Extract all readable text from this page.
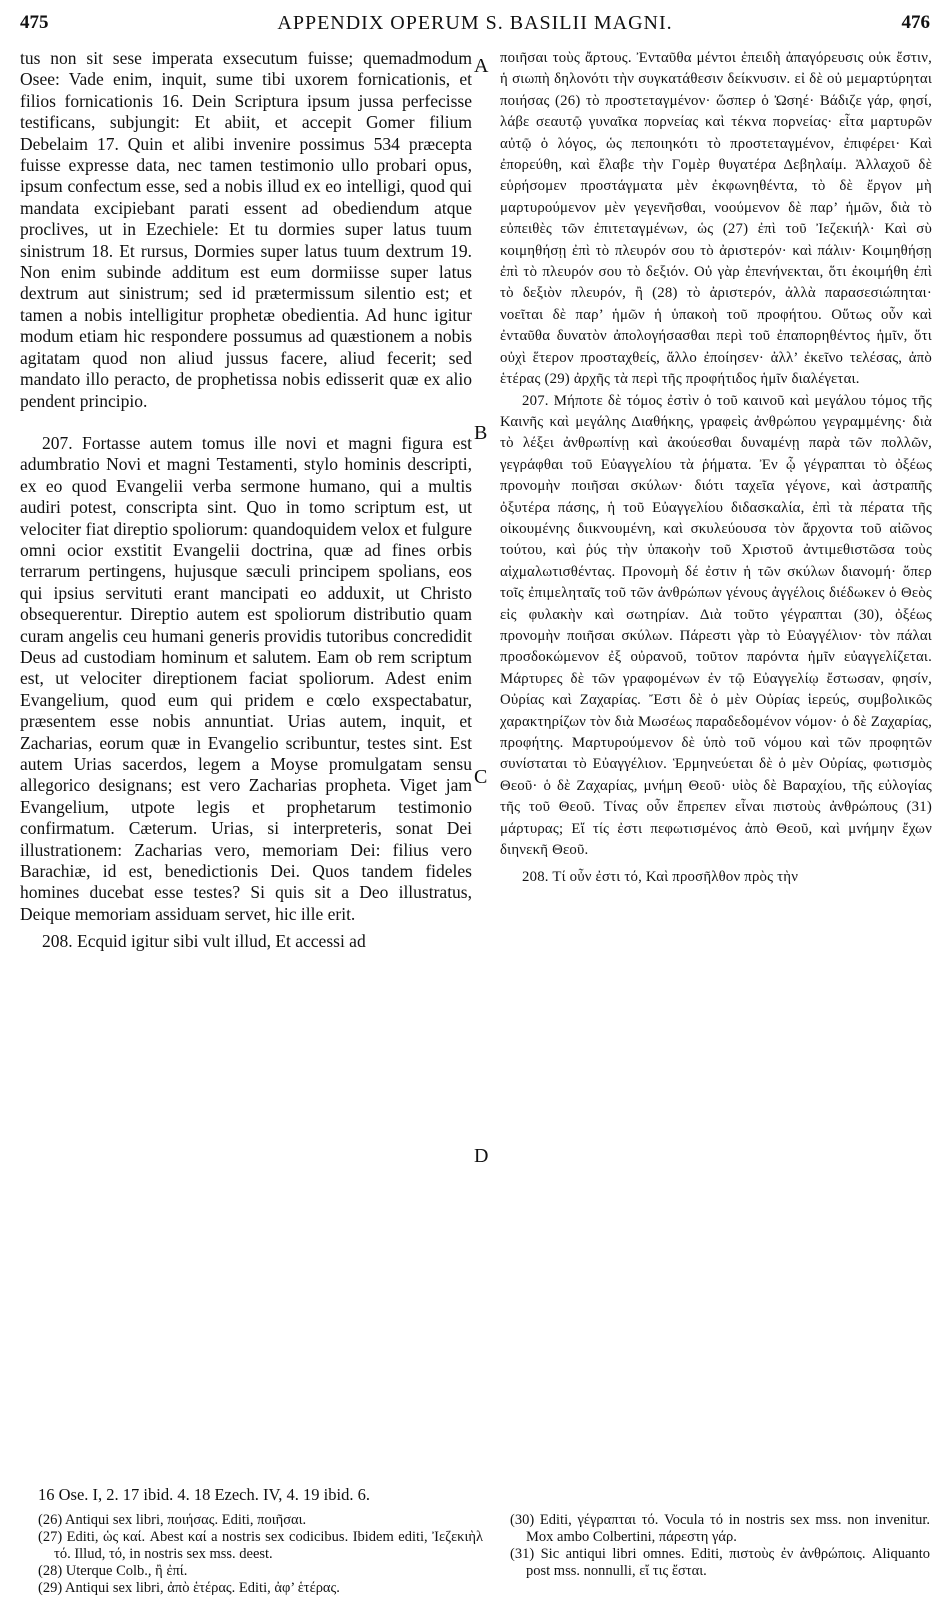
475	APPENDIX OPERUM S. BASILII MAGNI.	476

tus non sit sese imperata exsecutum fuisse; quemadmodum Osee: Vade enim, inquit, sume tibi uxorem fornicationis, et filios fornicationis 16. Dein Scriptura ipsum jussa perfecisse testificans, subjungit: Et abiit, et accepit Gomer filium Debelaim 17. Quin et alibi invenire possimus 534 præcepta fuisse expresse data, nec tamen testimonio ullo probari opus, ipsum confectum esse, sed a nobis illud ex eo intelligi, quod qui mandata excipiebant parati essent ad obediendum atque proclives, ut in Ezechiele: Et tu dormies super latus tuum sinistrum 18. Et rursus, Dormies super latus tuum dextrum 19. Non enim subinde additum est eum dormiisse super latus dextrum aut sinistrum; sed id prætermissum silentio est; et tamen a nobis intelligitur prophetæ obedientia. Ad hunc igitur modum etiam hic respondere possumus ad quæstionem a nobis agitatam quod non aliud jussus facere, aliud fecerit; sed mandato illo peracto, de prophetissa nobis edisserit quæ ex alio pendent principio.

207. Fortasse autem tomus ille novi et magni figura est adumbratio Novi et magni Testamenti, stylo hominis descripti, ex eo quod Evangelii verba sermone humano, qui a multis audiri potest, conscripta sint. Quo in tomo scriptum est, ut velociter fiat direptio spoliorum: quandoquidem velox et fulgure omni ocior exstitit Evangelii doctrina, quæ ad fines orbis terrarum pertingens, hujusque sæculi principem spolians, eos qui ipsius servituti erant mancipati eo adduxit, ut Christo obsequerentur. Direptio autem est spoliorum distributio quam curam angelis ceu humani generis providis tutoribus concredidit Deus ad custodiam hominum et salutem. Eam ob rem scriptum est, ut velociter direptionem faciat spoliorum. Adest enim Evangelium, quod eum qui pridem e cœlo exspectabatur, præsentem esse nobis annuntiat. Urias autem, inquit, et Zacharias, eorum quæ in Evangelio scribuntur, testes sint. Est autem Urias sacerdos, legem a Moyse promulgatam sensu allegorico designans; est vero Zacharias propheta. Viget jam Evangelium, utpote legis et prophetarum testimonio confirmatum. Cæterum. Urias, si interpreteris, sonat Dei illustrationem: Zacharias vero, memoriam Dei: filius vero Barachiæ, id est, benedictionis Dei. Quos tandem fideles homines ducebat esse testes? Si quis sit a Deo illustratus, Deique memoriam assiduam servet, hic ille erit.

208. Ecquid igitur sibi vult illud, Et accessi ad

A
B
C
D

ποιῆσαι τοὺς ἄρτους. Ἐνταῦθα μέντοι ἐπειδὴ ἀπαγόρευσις οὐκ ἔστιν, ἡ σιωπὴ δηλονότι τὴν συγκατάθεσιν δείκνυσιν. εἰ δὲ οὐ μεμαρτύρηται ποιήσας (26) τὸ προστεταγμένον· ὥσπερ ὁ Ὠσηέ· Βάδιζε γάρ, φησί, λάβε σεαυτῷ γυναῖκα πορνείας καὶ τέκνα πορνείας· εἶτα μαρτυρῶν αὐτῷ ὁ λόγος, ὡς πεποιηκότι τὸ προστεταγμένον, ἐπιφέρει· Καὶ ἐπορεύθη, καὶ ἔλαβε τὴν Γομὲρ θυγατέρα Δεβηλαίμ. Ἀλλαχοῦ δὲ εὑρήσομεν προστάγματα μὲν ἐκφωνηθέντα, τὸ δὲ ἔργον μὴ μαρτυρούμενον μὲν γεγενῆσθαι, νοούμενον δὲ παρ’ ἡμῶν, διὰ τὸ εὐπειθὲς τῶν ἐπιτεταγμένων, ὡς (27) ἐπὶ τοῦ Ἰεζεκιήλ· Καὶ σὺ κοιμηθήσῃ ἐπὶ τὸ πλευρόν σου τὸ ἀριστερόν· καὶ πάλιν· Κοιμηθήσῃ ἐπὶ τὸ πλευρόν σου τὸ δεξιόν. Οὐ γὰρ ἐπενήνεκται, ὅτι ἐκοιμήθη ἐπὶ τὸ δεξιὸν πλευρόν, ἢ (28) τὸ ἀριστερόν, ἀλλὰ παρασεσιώπηται· νοεῖται δὲ παρ’ ἡμῶν ἡ ὑπακοὴ τοῦ προφήτου. Οὕτως οὖν καὶ ἐνταῦθα δυνατὸν ἀπολογήσασθαι περὶ τοῦ ἐπαπορηθέντος ἡμῖν, ὅτι οὐχὶ ἕτερον προσταχθείς, ἄλλο ἐποίησεν· ἀλλ’ ἐκεῖνο τελέσας, ἀπὸ ἑτέρας (29) ἀρχῆς τὰ περὶ τῆς προφήτιδος ἡμῖν διαλέγεται.

207. Μήποτε δὲ τόμος ἐστὶν ὁ τοῦ καινοῦ καὶ μεγάλου τόμος τῆς Καινῆς καὶ μεγάλης Διαθήκης, γραφεὶς ἀνθρώπου γεγραμμένης· διὰ τὸ λέξει ἀνθρωπίνῃ καὶ ἀκούεσθαι δυναμένῃ παρὰ τῶν πολλῶν, γεγράφθαι τοῦ Εὐαγγελίου τὰ ῥήματα. Ἐν ᾧ γέγραπται τὸ ὀξέως προνομὴν ποιῆσαι σκύλων· διότι ταχεῖα γέγονε, καὶ ἀστραπῆς ὀξυτέρα πάσης, ἡ τοῦ Εὐαγγελίου διδασκαλία, ἐπὶ τὰ πέρατα τῆς οἰκουμένης διικνουμένη, καὶ σκυλεύουσα τὸν ἄρχοντα τοῦ αἰῶνος τούτου, καὶ ῥύς τὴν ὑπακοὴν τοῦ Χριστοῦ ἀντιμεθιστῶσα τοὺς αἰχμαλωτισθέντας. Προνομὴ δέ ἐστιν ἡ τῶν σκύλων διανομή· ὅπερ τοῖς ἐπιμεληταῖς τοῦ τῶν ἀνθρώπων γένους ἀγγέλοις διέδωκεν ὁ Θεὸς εἰς φυλακὴν καὶ σωτηρίαν. Διὰ τοῦτο γέγραπται (30), ὀξέως προνομὴν ποιῆσαι σκύλων. Πάρεστι γὰρ τὸ Εὐαγγέλιον· τὸν πάλαι προσδοκώμενον ἐξ οὐρανοῦ, τοῦτον παρόντα ἡμῖν εὐαγγελίζεται. Μάρτυρες δὲ τῶν γραφομένων ἐν τῷ Εὐαγγελίῳ ἔστωσαν, φησίν, Οὐρίας καὶ Ζαχαρίας. Ἔστι δὲ ὁ μὲν Οὐρίας ἱερεύς, συμβολικῶς χαρακτηρίζων τὸν διὰ Μωσέως παραδεδομένον νόμον· ὁ δὲ Ζαχαρίας, προφήτης. Μαρτυρούμενον δὲ ὑπὸ τοῦ νόμου καὶ τῶν προφητῶν συνίσταται τὸ Εὐαγγέλιον. Ἑρμηνεύεται δὲ ὁ μὲν Οὐρίας, φωτισμὸς Θεοῦ· ὁ δὲ Ζαχαρίας, μνήμη Θεοῦ· υἱὸς δὲ Βαραχίου, τῆς εὐλογίας τῆς τοῦ Θεοῦ. Τίνας οὖν ἔπρεπεν εἶναι πιστοὺς ἀνθρώπους (31) μάρτυρας; Εἴ τίς ἐστι πεφωτισμένος ἀπὸ Θεοῦ, καὶ μνήμην ἔχων διηνεκῆ Θεοῦ.

208. Τί οὖν ἐστι τό, Καὶ προσῆλθον πρὸς τὴν

16 Ose. I, 2. 17 ibid. 4. 18 Ezech. IV, 4. 19 ibid. 6.

(26) Antiqui sex libri, ποιήσας. Editi, ποιῆσαι.

(27) Editi, ὡς καί. Abest καί a nostris sex codicibus. Ibidem editi, Ἰεζεκιὴλ τό. Illud, τό, in nostris sex mss. deest.

(28) Uterque Colb., ἢ ἐπί.

(29) Antiqui sex libri, ἀπὸ ἑτέρας. Editi, ἀφ’ ἑτέρας.

(30) Editi, γέγραπται τό. Vocula τό in nostris sex mss. non invenitur. Mox ambo Colbertini, πάρεστη γάρ.

(31) Sic antiqui libri omnes. Editi, πιστοὺς ἐν ἀνθρώποις. Aliquanto post mss. nonnulli, εἴ τις ἔσται.
